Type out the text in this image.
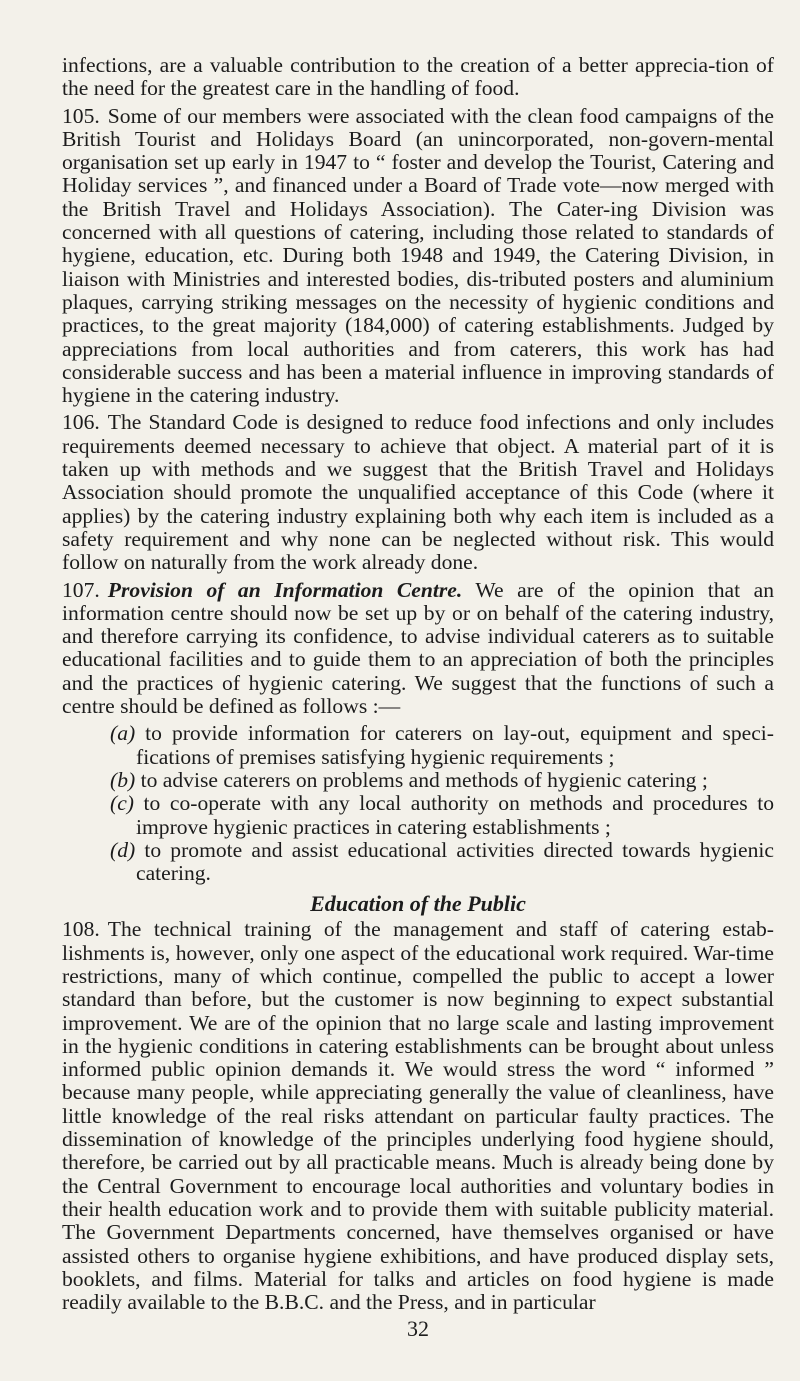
infections, are a valuable contribution to the creation of a better apprecia-tion of the need for the greatest care in the handling of food.

105. Some of our members were associated with the clean food campaigns of the British Tourist and Holidays Board (an unincorporated, non-govern-mental organisation set up early in 1947 to “ foster and develop the Tourist, Catering and Holiday services ”, and financed under a Board of Trade vote—now merged with the British Travel and Holidays Association). The Cater-ing Division was concerned with all questions of catering, including those related to standards of hygiene, education, etc. During both 1948 and 1949, the Catering Division, in liaison with Ministries and interested bodies, dis-tributed posters and aluminium plaques, carrying striking messages on the necessity of hygienic conditions and practices, to the great majority (184,000) of catering establishments. Judged by appreciations from local authorities and from caterers, this work has had considerable success and has been a material influence in improving standards of hygiene in the catering industry.

106. The Standard Code is designed to reduce food infections and only includes requirements deemed necessary to achieve that object. A material part of it is taken up with methods and we suggest that the British Travel and Holidays Association should promote the unqualified acceptance of this Code (where it applies) by the catering industry explaining both why each item is included as a safety requirement and why none can be neglected without risk. This would follow on naturally from the work already done.

107. Provision of an Information Centre. We are of the opinion that an information centre should now be set up by or on behalf of the catering industry, and therefore carrying its confidence, to advise individual caterers as to suitable educational facilities and to guide them to an appreciation of both the principles and the practices of hygienic catering. We suggest that the functions of such a centre should be defined as follows :—

(a) to provide information for caterers on lay-out, equipment and speci-fications of premises satisfying hygienic requirements ;
(b) to advise caterers on problems and methods of hygienic catering ;
(c) to co-operate with any local authority on methods and procedures to improve hygienic practices in catering establishments ;
(d) to promote and assist educational activities directed towards hygienic catering.
Education of the Public

108. The technical training of the management and staff of catering estab-lishments is, however, only one aspect of the educational work required. War-time restrictions, many of which continue, compelled the public to accept a lower standard than before, but the customer is now beginning to expect substantial improvement. We are of the opinion that no large scale and lasting improvement in the hygienic conditions in catering establishments can be brought about unless informed public opinion demands it. We would stress the word “ informed ” because many people, while appreciating generally the value of cleanliness, have little knowledge of the real risks attendant on particular faulty practices. The dissemination of knowledge of the principles underlying food hygiene should, therefore, be carried out by all practicable means. Much is already being done by the Central Government to encourage local authorities and voluntary bodies in their health education work and to provide them with suitable publicity material. The Government Departments concerned, have themselves organised or have assisted others to organise hygiene exhibitions, and have produced display sets, booklets, and films. Material for talks and articles on food hygiene is made readily available to the B.B.C. and the Press, and in particular

32
